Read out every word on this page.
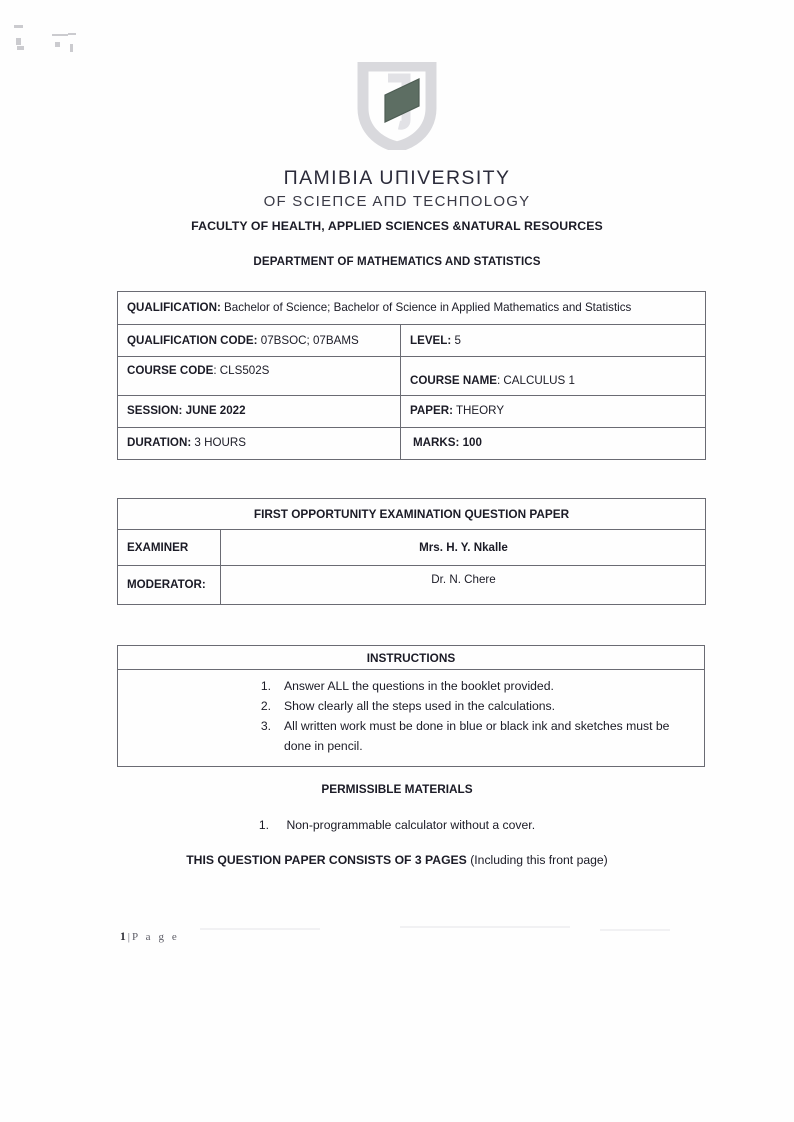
ΠAMIBIA UΠIVERSITY
OF SCIEΠCE AΠD TECHΠOLOGY
FACULTY OF HEALTH, APPLIED SCIENCES &NATURAL RESOURCES
DEPARTMENT OF MATHEMATICS AND STATISTICS
QUALIFICATION: Bachelor of Science; Bachelor of Science in Applied Mathematics and Statistics	

QUALIFICATION CODE: 07BSOC; 07BAMS	LEVEL: 5

COURSE CODE: CLS502S	COURSE NAME: CALCULUS 1

SESSION: JUNE 2022	PAPER: THEORY

DURATION: 3 HOURS	MARKS: 100
FIRST OPPORTUNITY EXAMINATION QUESTION PAPER	

EXAMINER	Mrs. H. Y. Nkalle

MODERATOR:	Dr. N. Chere
INSTRUCTIONS

1. Answer ALL the questions in the booklet provided.
2. Show clearly all the steps used in the calculations.
3. All written work must be done in blue or black ink and sketches must be done in pencil.
PERMISSIBLE MATERIALS
1. Non-programmable calculator without a cover.
THIS QUESTION PAPER CONSISTS OF 3 PAGES (Including this front page)
1 | P a g e
